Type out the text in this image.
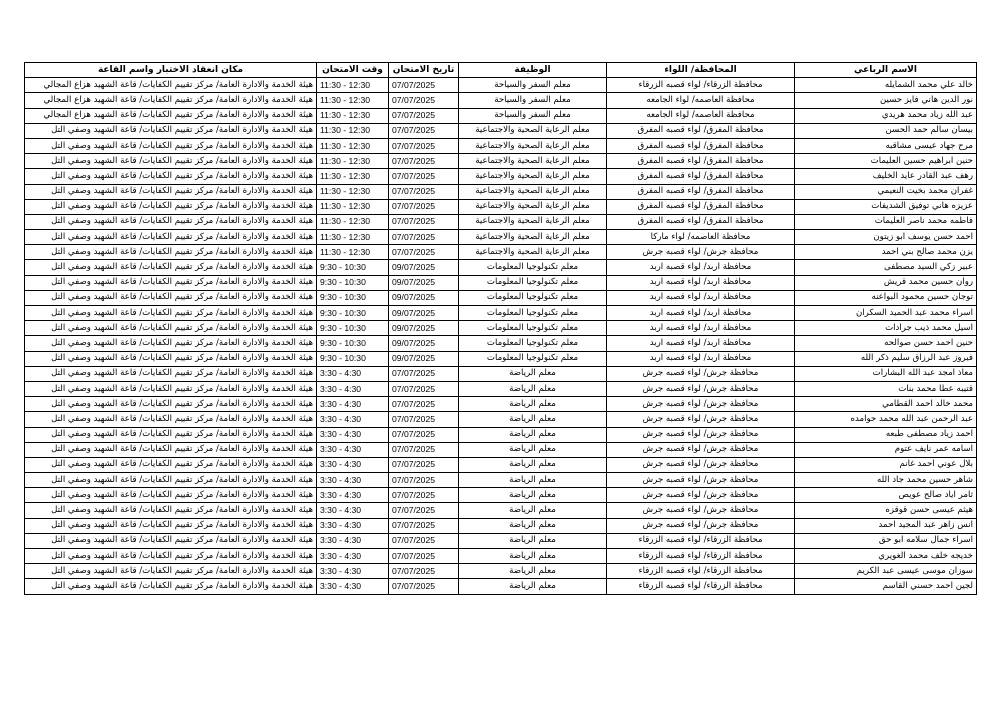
الاسم الرباعي	المحافظة/ اللواء	الوظيفة	تاريخ الامتحان	وقت الامتحان	مكان انعقاد الاختبار واسم القاعة
خالد علي محمد الشمايله	محافظة الزرقاء/ لواء قصبه الزرقاء	معلم السفر والسياحة	07/07/2025	11:30 - 12:30	هيئة الخدمة والادارة العامة/ مركز تقييم الكفايات/ قاعة الشهيد هزاع المجالي
نور الدين هاني فايز حسين	محافظة العاصمه/ لواء الجامعه	معلم السفر والسياحة	07/07/2025	11:30 - 12:30	هيئة الخدمة والادارة العامة/ مركز تقييم الكفايات/ قاعة الشهيد هزاع المجالي
عبد الله زياد محمد هريدي	محافظة العاصمه/ لواء الجامعه	معلم السفر والسياحة	07/07/2025	11:30 - 12:30	هيئة الخدمة والادارة العامة/ مركز تقييم الكفايات/ قاعة الشهيد هزاع المجالي
بيسان سالم حمد الحسن	محافظة المفرق/ لواء قصبه المفرق	معلم الرعاية الصحية والاجتماعية	07/07/2025	11:30 - 12:30	هيئة الخدمة والادارة العامة/ مركز تقييم الكفايات/ قاعة الشهيد وصفي التل
مرح جهاد عيسى مشاقبه	محافظة المفرق/ لواء قصبه المفرق	معلم الرعاية الصحية والاجتماعية	07/07/2025	11:30 - 12:30	هيئة الخدمة والادارة العامة/ مركز تقييم الكفايات/ قاعة الشهيد وصفي التل
حنين ابراهيم حسين العليمات	محافظة المفرق/ لواء قصبه المفرق	معلم الرعاية الصحية والاجتماعية	07/07/2025	11:30 - 12:30	هيئة الخدمة والادارة العامة/ مركز تقييم الكفايات/ قاعة الشهيد وصفي التل
رهف عبد القادر عايد الخليف	محافظة المفرق/ لواء قصبه المفرق	معلم الرعاية الصحية والاجتماعية	07/07/2025	11:30 - 12:30	هيئة الخدمة والادارة العامة/ مركز تقييم الكفايات/ قاعة الشهيد وصفي التل
غفران محمد بخيت النعيمي	محافظة المفرق/ لواء قصبه المفرق	معلم الرعاية الصحية والاجتماعية	07/07/2025	11:30 - 12:30	هيئة الخدمة والادارة العامة/ مركز تقييم الكفايات/ قاعة الشهيد وصفي التل
عزيزه هاني توفيق الشديفات	محافظة المفرق/ لواء قصبه المفرق	معلم الرعاية الصحية والاجتماعية	07/07/2025	11:30 - 12:30	هيئة الخدمة والادارة العامة/ مركز تقييم الكفايات/ قاعة الشهيد وصفي التل
فاطمه محمد ناصر العليمات	محافظة المفرق/ لواء قصبه المفرق	معلم الرعاية الصحية والاجتماعية	07/07/2025	11:30 - 12:30	هيئة الخدمة والادارة العامة/ مركز تقييم الكفايات/ قاعة الشهيد وصفي التل
احمد حسن يوسف ابو زيتون	محافظة العاصمه/ لواء ماركا	معلم الرعاية الصحية والاجتماعية	07/07/2025	11:30 - 12:30	هيئة الخدمة والادارة العامة/ مركز تقييم الكفايات/ قاعة الشهيد وصفي التل
يزن محمد صالح بني احمد	محافظة جرش/ لواء قصبه جرش	معلم الرعاية الصحية والاجتماعية	07/07/2025	11:30 - 12:30	هيئة الخدمة والادارة العامة/ مركز تقييم الكفايات/ قاعة الشهيد وصفي التل
عبير زكي السيد مصطفى	محافظة اربد/ لواء قصبه اربد	معلم تكنولوجيا المعلومات	09/07/2025	9:30 - 10:30	هيئة الخدمة والادارة العامة/ مركز تقييم الكفايات/ قاعة الشهيد وصفي التل
روان حسين محمد قريش	محافظة اربد/ لواء قصبه اربد	معلم تكنولوجيا المعلومات	09/07/2025	9:30 - 10:30	هيئة الخدمة والادارة العامة/ مركز تقييم الكفايات/ قاعة الشهيد وصفي التل
توجان حسين محمود البواعنه	محافظة اربد/ لواء قصبه اربد	معلم تكنولوجيا المعلومات	09/07/2025	9:30 - 10:30	هيئة الخدمة والادارة العامة/ مركز تقييم الكفايات/ قاعة الشهيد وصفي التل
اسراء محمد عبد الحميد السكران	محافظة اربد/ لواء قصبه اربد	معلم تكنولوجيا المعلومات	09/07/2025	9:30 - 10:30	هيئة الخدمة والادارة العامة/ مركز تقييم الكفايات/ قاعة الشهيد وصفي التل
اسيل محمد ذيب جرادات	محافظة اربد/ لواء قصبه اربد	معلم تكنولوجيا المعلومات	09/07/2025	9:30 - 10:30	هيئة الخدمة والادارة العامة/ مركز تقييم الكفايات/ قاعة الشهيد وصفي التل
حنين احمد حسن صوالحه	محافظة اربد/ لواء قصبه اربد	معلم تكنولوجيا المعلومات	09/07/2025	9:30 - 10:30	هيئة الخدمة والادارة العامة/ مركز تقييم الكفايات/ قاعة الشهيد وصفي التل
فيروز عبد الرزاق سليم ذكر الله	محافظة اربد/ لواء قصبه اربد	معلم تكنولوجيا المعلومات	09/07/2025	9:30 - 10:30	هيئة الخدمة والادارة العامة/ مركز تقييم الكفايات/ قاعة الشهيد وصفي التل
معاذ امجد عبد الله البشارات	محافظة جرش/ لواء قصبه جرش	معلم الرياضة	07/07/2025	3:30 - 4:30	هيئة الخدمة والادارة العامة/ مركز تقييم الكفايات/ قاعة الشهيد وصفي التل
قتيبه عطا محمد بنات	محافظة جرش/ لواء قصبه جرش	معلم الرياضة	07/07/2025	3:30 - 4:30	هيئة الخدمة والادارة العامة/ مركز تقييم الكفايات/ قاعة الشهيد وصفي التل
محمد خالد احمد القطامي	محافظة جرش/ لواء قصبه جرش	معلم الرياضة	07/07/2025	3:30 - 4:30	هيئة الخدمة والادارة العامة/ مركز تقييم الكفايات/ قاعة الشهيد وصفي التل
عبد الرحمن عبد الله محمد حوامده	محافظة جرش/ لواء قصبه جرش	معلم الرياضة	07/07/2025	3:30 - 4:30	هيئة الخدمة والادارة العامة/ مركز تقييم الكفايات/ قاعة الشهيد وصفي التل
احمد زياد مصطفى طبعه	محافظة جرش/ لواء قصبه جرش	معلم الرياضة	07/07/2025	3:30 - 4:30	هيئة الخدمة والادارة العامة/ مركز تقييم الكفايات/ قاعة الشهيد وصفي التل
اسامه عمر نايف عتوم	محافظة جرش/ لواء قصبه جرش	معلم الرياضة	07/07/2025	3:30 - 4:30	هيئة الخدمة والادارة العامة/ مركز تقييم الكفايات/ قاعة الشهيد وصفي التل
بلال عوني احمد غانم	محافظة جرش/ لواء قصبه جرش	معلم الرياضة	07/07/2025	3:30 - 4:30	هيئة الخدمة والادارة العامة/ مركز تقييم الكفايات/ قاعة الشهيد وصفي التل
شاهر حسين محمد جاد الله	محافظة جرش/ لواء قصبه جرش	معلم الرياضة	07/07/2025	3:30 - 4:30	هيئة الخدمة والادارة العامة/ مركز تقييم الكفايات/ قاعة الشهيد وصفي التل
ثامر اياد صالح عويص	محافظة جرش/ لواء قصبه جرش	معلم الرياضة	07/07/2025	3:30 - 4:30	هيئة الخدمة والادارة العامة/ مركز تقييم الكفايات/ قاعة الشهيد وصفي التل
هيثم عيسى حسن قوقزه	محافظة جرش/ لواء قصبه جرش	معلم الرياضة	07/07/2025	3:30 - 4:30	هيئة الخدمة والادارة العامة/ مركز تقييم الكفايات/ قاعة الشهيد وصفي التل
انس زاهر عبد المجيد احمد	محافظة جرش/ لواء قصبه جرش	معلم الرياضة	07/07/2025	3:30 - 4:30	هيئة الخدمة والادارة العامة/ مركز تقييم الكفايات/ قاعة الشهيد وصفي التل
اسراء جمال سلامه ابو حق	محافظة الزرقاء/ لواء قصبه الزرقاء	معلم الرياضة	07/07/2025	3:30 - 4:30	هيئة الخدمة والادارة العامة/ مركز تقييم الكفايات/ قاعة الشهيد وصفي التل
خديجه خلف محمد الغويري	محافظة الزرقاء/ لواء قصبه الزرقاء	معلم الرياضة	07/07/2025	3:30 - 4:30	هيئة الخدمة والادارة العامة/ مركز تقييم الكفايات/ قاعة الشهيد وصفي التل
سوزان موسى عيسى عبد الكريم	محافظة الزرقاء/ لواء قصبه الزرقاء	معلم الرياضة	07/07/2025	3:30 - 4:30	هيئة الخدمة والادارة العامة/ مركز تقييم الكفايات/ قاعة الشهيد وصفي التل
لجين احمد حسني القاسم	محافظة الزرقاء/ لواء قصبه الزرقاء	معلم الرياضة	07/07/2025	3:30 - 4:30	هيئة الخدمة والادارة العامة/ مركز تقييم الكفايات/ قاعة الشهيد وصفي التل
